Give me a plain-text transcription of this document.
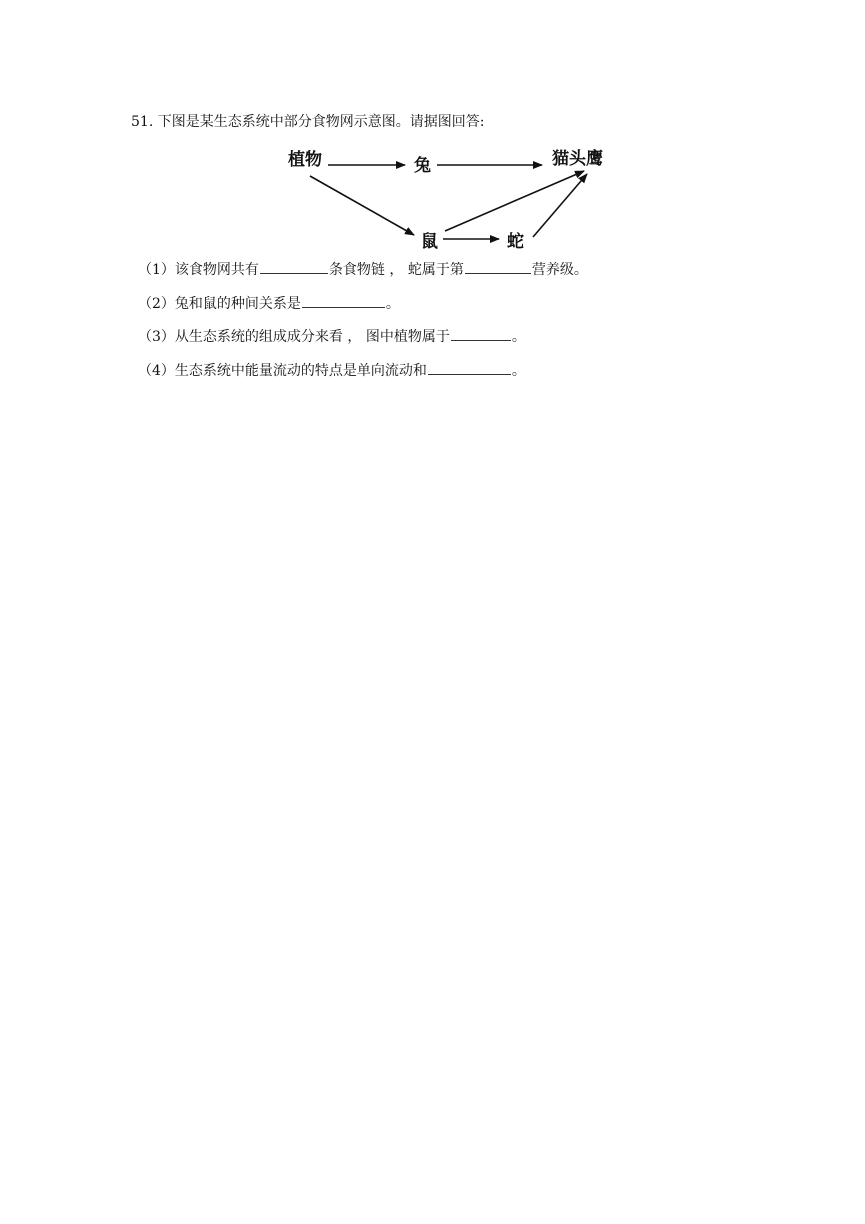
51. 下图是某生态系统中部分食物网示意图。请据图回答:
植物	兔	猫头鹰
鼠	蛇
（1）该食物网共有	条食物链 ， 蛇属于第	营养级。
（2）兔和鼠的种间关系是	。
（3）从生态系统的组成成分来看 ， 图中植物属于	。
（4）生态系统中能量流动的特点是单向流动和	。
